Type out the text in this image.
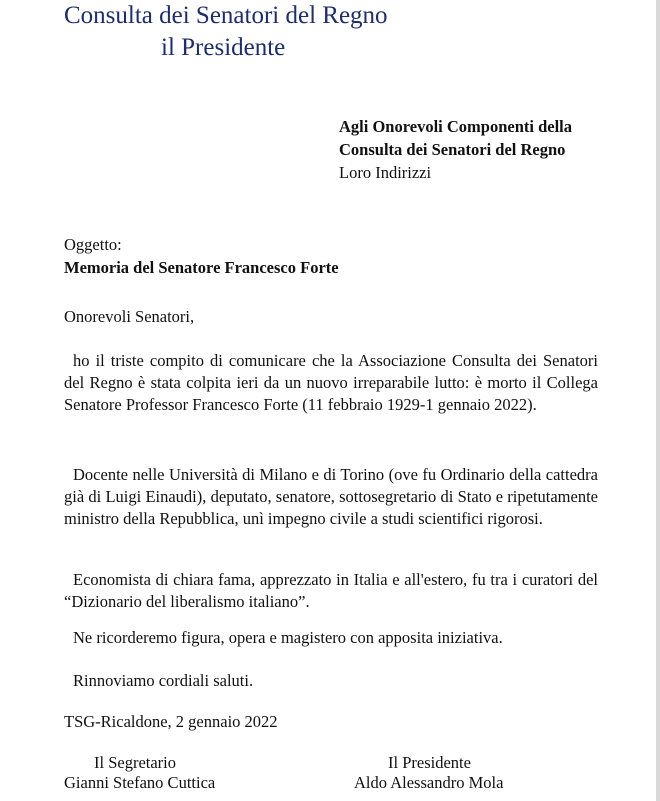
Consulta dei Senatori del Regno
il Presidente
Agli Onorevoli Componenti della
Consulta dei Senatori del Regno
Loro Indirizzi
Oggetto:
Memoria del Senatore Francesco Forte
Onorevoli Senatori,
ho il triste compito di comunicare che la Associazione Consulta dei Senatori del Regno è stata colpita ieri da un nuovo irreparabile lutto: è morto il Collega Senatore Professor Francesco Forte (11 febbraio 1929-1 gennaio 2022).
Docente nelle Università di Milano e di Torino (ove fu Ordinario della cattedra già di Luigi Einaudi), deputato, senatore, sottosegretario di Stato e ripetutamente ministro della Repubblica, unì impegno civile a studi scientifici rigorosi.
Economista di chiara fama, apprezzato in Italia e all'estero, fu tra i curatori del “Dizionario del liberalismo italiano”.
Ne ricorderemo figura, opera e magistero con apposita iniziativa.
Rinnoviamo cordiali saluti.
TSG-Ricaldone, 2 gennaio 2022
Il Segretario
Gianni Stefano Cuttica
Il Presidente
Aldo Alessandro Mola
